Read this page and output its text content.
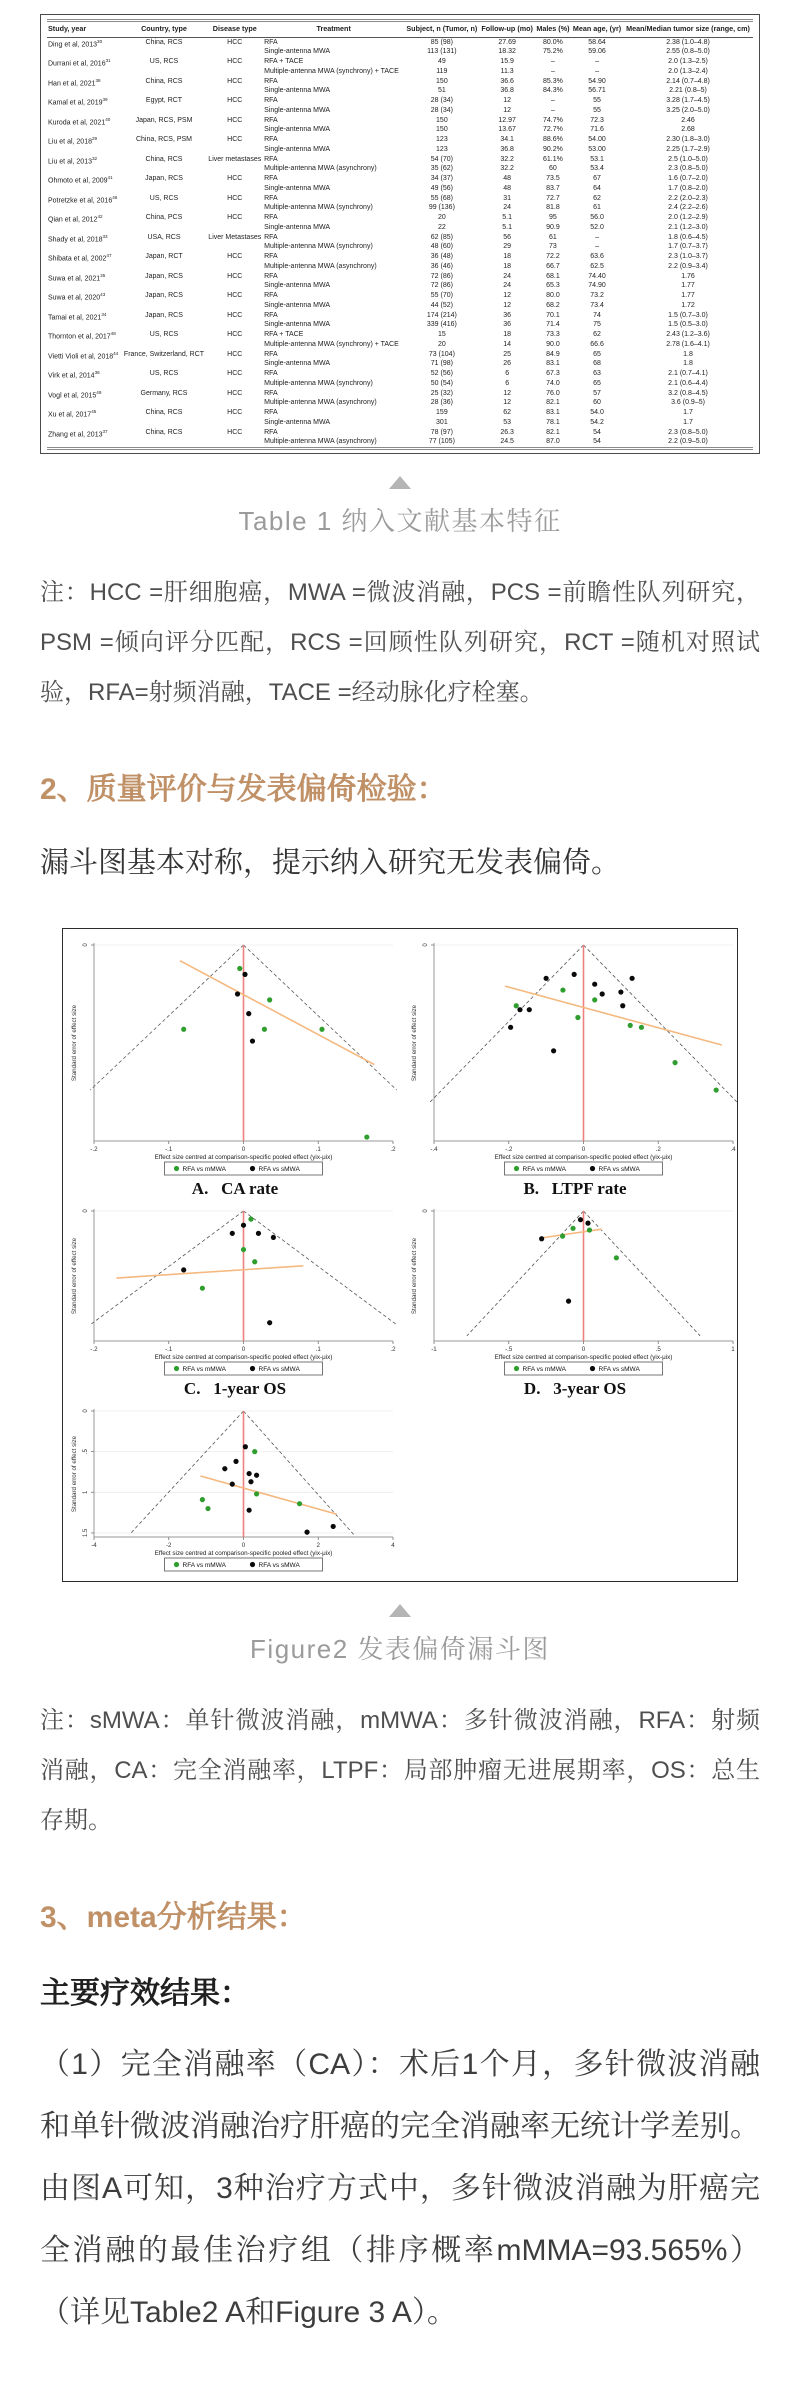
Study, year	Country, type	Disease type	Treatment	Subject, n (Tumor, n)	Follow-up (mo)	Males (%)	Mean age, (yr)	Mean/Median tumor size (range, cm)
Ding et al, 2013$^{30}$	China, RCS	HCC	RFA	85 (98)	27.69	80.0%	58.64	2.38 (1.0–4.8)
			Single-antenna MWA	113 (131)	18.32	75.2%	59.06	2.55 (0.8–5.0)
Durrani et al, 2016$^{31}$	US, RCS	HCC	RFA + TACE	49	15.9	–	–	2.0 (1.3–2.5)
			Multiple-antenna MWA (synchrony) + TACE	119	11.3	–	–	2.0 (1.3–2.4)
Han et al, 2021$^{38}$	China, RCS	HCC	RFA	150	36.6	85.3%	54.90	2.14 (0.7–4.8)
			Single-antenna MWA	51	36.8	84.3%	56.71	2.21 (0.8–5)
Kamal et al, 2019$^{39}$	Egypt, RCT	HCC	RFA	28 (34)	12	–	55	3.28 (1.7–4.5)
			Single-antenna MWA	28 (34)	12	–	55	3.25 (2.0–5.0)
Kuroda et al, 2021$^{40}$	Japan, RCS, PSM	HCC	RFA	150	12.97	74.7%	72.3	2.46
			Single-antenna MWA	150	13.67	72.7%	71.6	2.68
Liu et al, 2018$^{29}$	China, RCS, PSM	HCC	RFA	123	34.1	88.6%	54.00	2.30 (1.8–3.0)
			Single-antenna MWA	123	36.8	90.2%	53.00	2.25 (1.7–2.9)
Liu et al, 2013$^{32}$	China, RCS	Liver metastases	RFA	54 (70)	32.2	61.1%	53.1	2.5 (1.0–5.0)
			Multiple-antenna MWA (asynchrony)	35 (62)	32.2	60	53.4	2.3 (0.8–5.0)
Ohmoto et al, 2009$^{41}$	Japan, RCS	HCC	RFA	34 (37)	48	73.5	67	1.6 (0.7–2.0)
			Single-antenna MWA	49 (56)	48	83.7	64	1.7 (0.8–2.0)
Potretzke et al, 2016$^{46}$	US, RCS	HCC	RFA	55 (68)	31	72.7	62	2.2 (2.0–2.3)
			Multiple-antenna MWA (synchrony)	99 (136)	24	81.8	61	2.4 (2.2–2.6)
Qian et al, 2012$^{42}$	China, PCS	HCC	RFA	20	5.1	95	56.0	2.0 (1.2–2.9)
			Single-antenna MWA	22	5.1	90.9	52.0	2.1 (1.2–3.0)
Shady et al, 2018$^{33}$	USA, RCS	Liver Metastases	RFA	62 (85)	56	61	–	1.8 (0.6–4.5)
			Multiple-antenna MWA (synchrony)	48 (60)	29	73	–	1.7 (0.7–3.7)
Shibata et al, 2002$^{47}$	Japan, RCT	HCC	RFA	36 (48)	18	72.2	63.6	2.3 (1.0–3.7)
			Multiple-antenna MWA (asynchrony)	36 (46)	18	66.7	62.5	2.2 (0.9–3.4)
Suwa et al, 2021$^{35}$	Japan, RCS	HCC	RFA	72 (86)	24	68.1	74.40	1.76
			Single-antenna MWA	72 (86)	24	65.3	74.90	1.77
Suwa et al, 2020$^{43}$	Japan, RCS	HCC	RFA	55 (70)	12	80.0	73.2	1.77
			Single-antenna MWA	44 (52)	12	68.2	73.4	1.72
Tamai et al, 2021$^{34}$	Japan, RCS	HCC	RFA	174 (214)	36	70.1	74	1.5 (0.7–3.0)
			Single-antenna MWA	339 (416)	36	71.4	75	1.5 (0.5–3.0)
Thornton et al, 2017$^{48}$	US, RCS	HCC	RFA + TACE	15	18	73.3	62	2.43 (1.2–3.6)
			Multiple-antenna MWA (synchrony) + TACE	20	14	90.0	66.6	2.78 (1.6–4.1)
Vietti Violi et al, 2018$^{44}$	France, Switzerland, RCT	HCC	RFA	73 (104)	25	84.9	65	1.8
			Single-antenna MWA	71 (98)	26	83.1	68	1.8
Virk et al, 2014$^{36}$	US, RCS	HCC	RFA	52 (56)	6	67.3	63	2.1 (0.7–4.1)
			Multiple-antenna MWA (synchrony)	50 (54)	6	74.0	65	2.1 (0.6–4.4)
Vogl et al, 2015$^{49}$	Germany, RCS	HCC	RFA	25 (32)	12	76.0	57	3.2 (0.8–4.5)
			Multiple-antenna MWA (asynchrony)	28 (36)	12	82.1	60	3.6 (0.9–5)
Xu et al, 2017$^{45}$	China, RCS	HCC	RFA	159	62	83.1	54.0	1.7
			Single-antenna MWA	301	53	78.1	54.2	1.7
Zhang et al, 2013$^{37}$	China, RCS	HCC	RFA	78 (97)	26.3	82.1	54	2.3 (0.8–5.0)
			Multiple-antenna MWA (asynchrony)	77 (105)	24.5	87.0	54	2.2 (0.9–5.0)
Table 1 纳入文献基本特征
注：HCC =肝细胞癌，MWA =微波消融，PCS =前瞻性队列研究，PSM =倾向评分匹配，RCS =回顾性队列研究，RCT =随机对照试验，RFA=射频消融，TACE =经动脉化疗栓塞。
2、质量评价与发表偏倚检验：
漏斗图基本对称，提示纳入研究无发表偏倚。
0
-.2	-.1	0	.1	.2
Effect size centred at comparison-specific pooled effect (yix-μix)
Standard error of effect size
RFA vs mMWA	RFA vs sMWA
A.   CA rate
0
-.4	-.2	0	.2	.4
Effect size centred at comparison-specific pooled effect (yix-μix)
Standard error of effect size
RFA vs mMWA	RFA vs sMWA
B.   LTPF rate
0
-.2	-.1	0	.1	.2
Effect size centred at comparison-specific pooled effect (yix-μix)
Standard error of effect size
RFA vs mMWA	RFA vs sMWA
C.   1-year OS
0
-1	-.5	0	.5	1
Effect size centred at comparison-specific pooled effect (yix-μix)
Standard error of effect size
RFA vs mMWA	RFA vs sMWA
D.   3-year OS
0
.5
1
1.5
-4	-2	0	2	4
Effect size centred at comparison-specific pooled effect (yix-μix)
Standard error of effect size
RFA vs mMWA	RFA vs sMWA
Figure2 发表偏倚漏斗图
注：sMWA：单针微波消融，mMWA：多针微波消融，RFA：射频消融，CA：完全消融率，LTPF：局部肿瘤无进展期率，OS：总生存期。
3、meta分析结果：
主要疗效结果：
（1）完全消融率（CA）：术后1个月，多针微波消融和单针微波消融治疗肝癌的完全消融率无统计学差别。由图A可知，3种治疗方式中，多针微波消融为肝癌完全消融的最佳治疗组（排序概率mMMA=93.565%）（详见Table2 A和Figure 3 A）。
